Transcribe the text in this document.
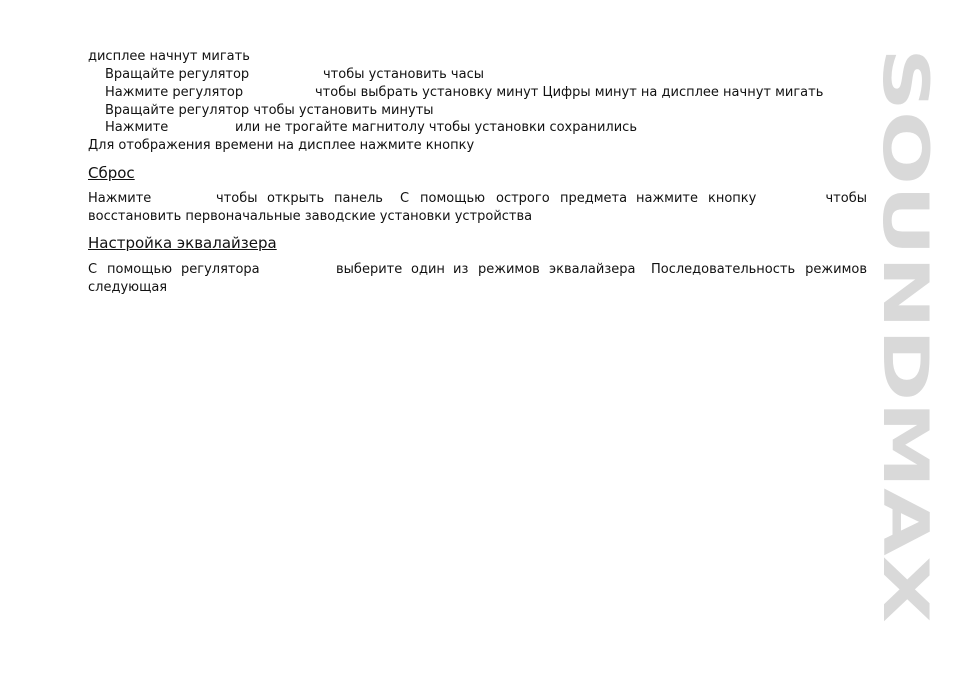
дисплее начнут мигать
Вращайте регулятор	чтобы установить часы
Нажмите регулятор	чтобы выбрать установку минут Цифры минут на дисплее начнут мигать
Вращайте регулятор чтобы установить минуты
Нажмите	или не трогайте магнитолу чтобы установки сохранились
Для отображения времени на дисплее нажмите кнопку
Сброс
Нажмите	чтобы открыть панель С помощью острого предмета нажмите кнопку	чтобы
восстановить первоначальные заводские установки устройства
Настройка эквалайзера
С помощью регулятора	выберите один из режимов эквалайзера Последовательность режимов
следующая	SOUNDMAX
